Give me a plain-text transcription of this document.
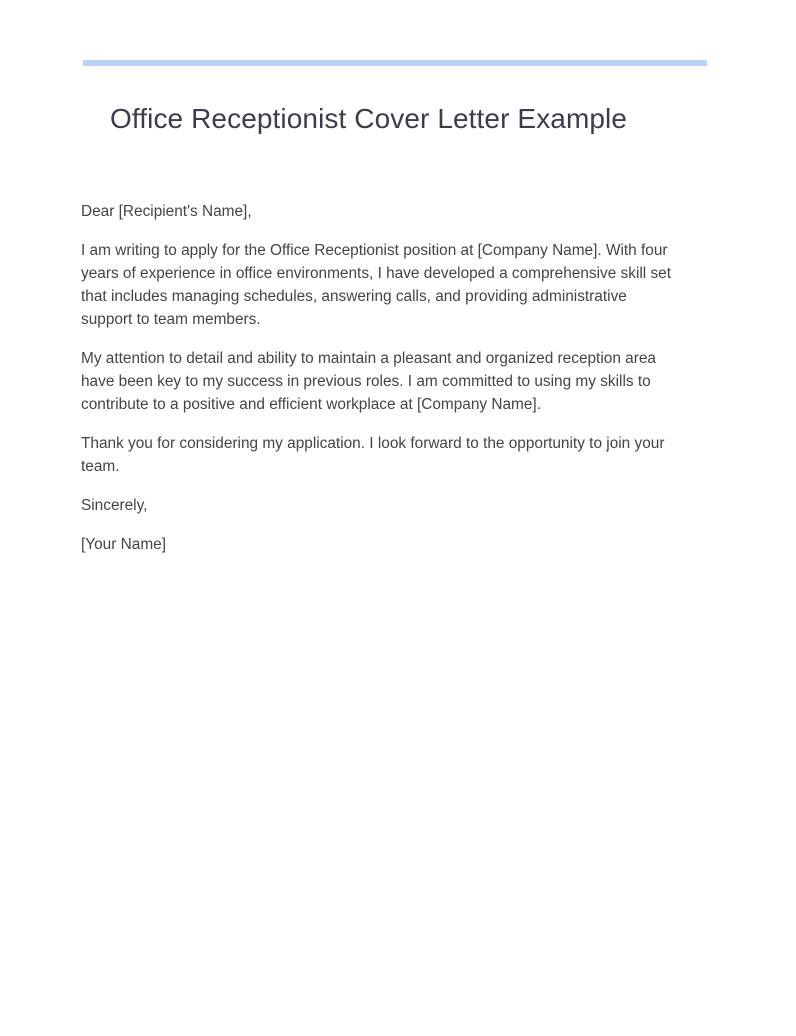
Office Receptionist Cover Letter Example

Dear [Recipient's Name],

I am writing to apply for the Office Receptionist position at [Company Name]. With four years of experience in office environments, I have developed a comprehensive skill set that includes managing schedules, answering calls, and providing administrative support to team members.

My attention to detail and ability to maintain a pleasant and organized reception area have been key to my success in previous roles. I am committed to using my skills to contribute to a positive and efficient workplace at [Company Name].

Thank you for considering my application. I look forward to the opportunity to join your team.

Sincerely,

[Your Name]
